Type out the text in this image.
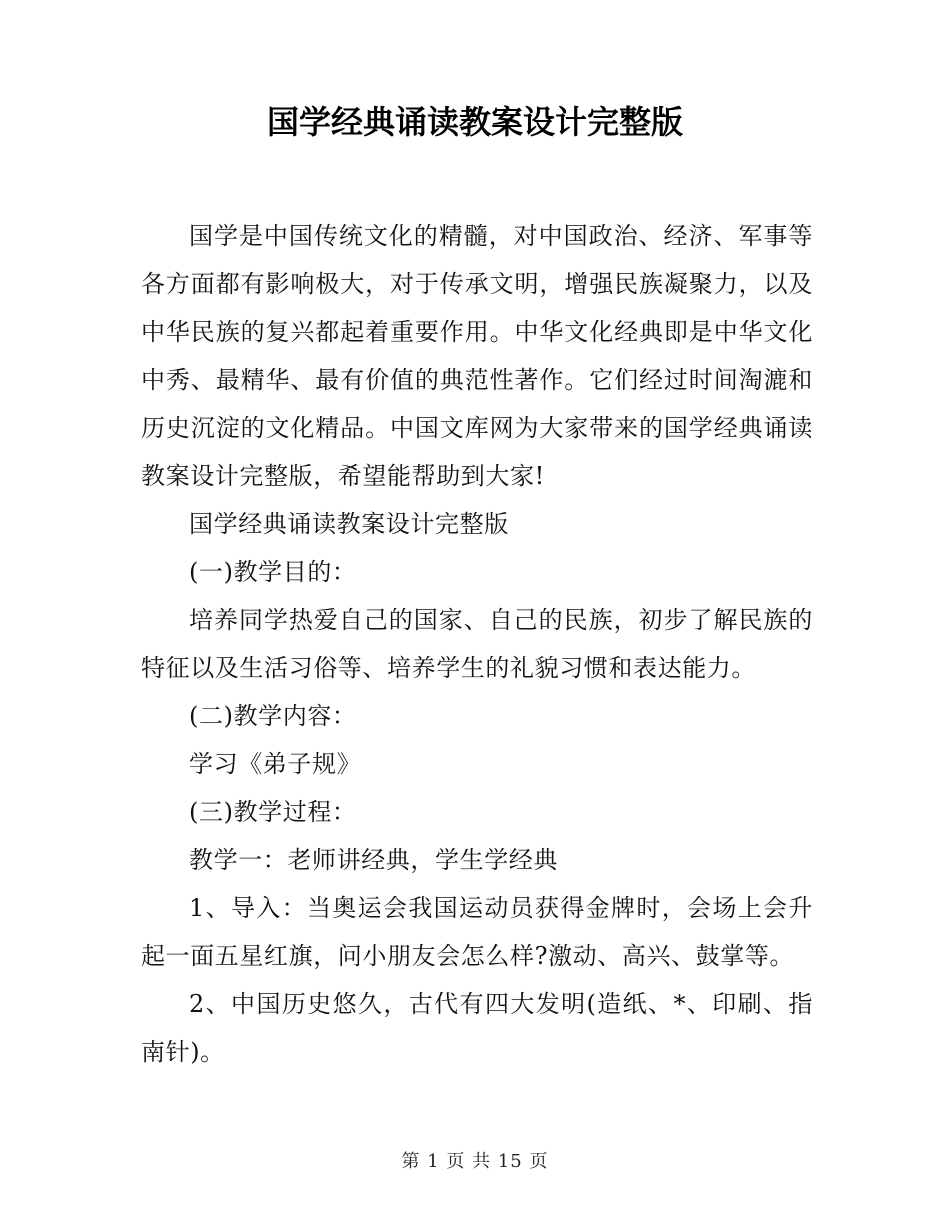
国学经典诵读教案设计完整版

国学是中国传统文化的精髓，对中国政治、经济、军事等各方面都有影响极大，对于传承文明，增强民族凝聚力，以及中华民族的复兴都起着重要作用。中华文化经典即是中华文化中秀、最精华、最有价值的典范性著作。它们经过时间淘漉和历史沉淀的文化精品。中国文库网为大家带来的国学经典诵读教案设计完整版，希望能帮助到大家!

国学经典诵读教案设计完整版

(一)教学目的：

培养同学热爱自己的国家、自己的民族，初步了解民族的特征以及生活习俗等、培养学生的礼貌习惯和表达能力。

(二)教学内容：

学习《弟子规》

(三)教学过程：

教学一：老师讲经典，学生学经典

1、导入：当奥运会我国运动员获得金牌时，会场上会升起一面五星红旗，问小朋友会怎么样?激动、高兴、鼓掌等。

2、中国历史悠久，古代有四大发明(造纸、*、印刷、指南针)。

第 1 页 共 15 页
